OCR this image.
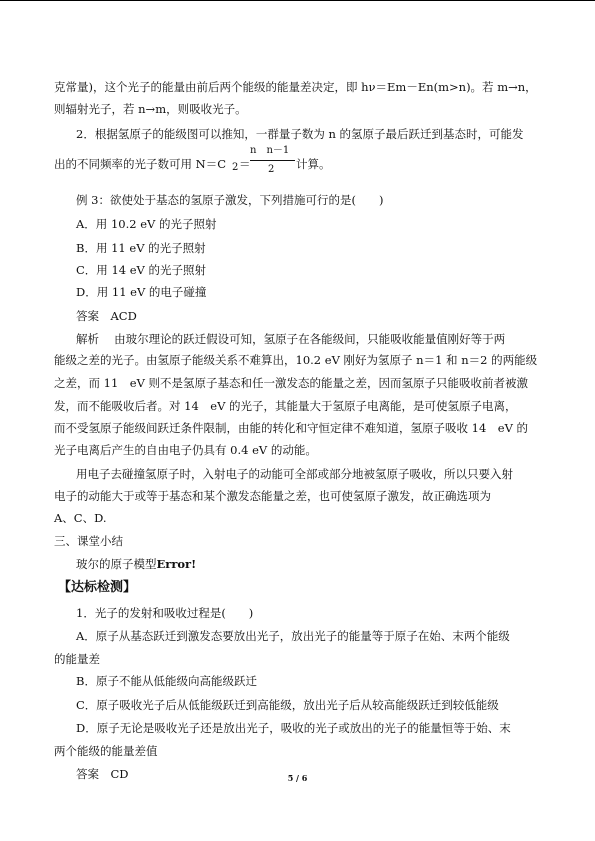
克常量)，这个光子的能量由前后两个能级的能量差决定，即 hν＝Em－En(m>n)。若 m→n，
则辐射光子，若 n→m，则吸收光子。
2．根据氢原子的能级图可以推知，一群量子数为 n 的氢原子最后跃迁到基态时，可能发
出的不同频率的光子数可用 N＝C	计算。
例 3：欲使处于基态的氢原子激发，下列措施可行的是(　　)
A．用 10.2 eV 的光子照射
B．用 11 eV 的光子照射
C．用 14 eV 的光子照射
D．用 11 eV 的电子碰撞
答案　ACD
解析　 由玻尔理论的跃迁假设可知，氢原子在各能级间，只能吸收能量值刚好等于两
能级之差的光子。由氢原子能级关系不难算出，10.2 eV 刚好为氢原子 n＝1 和 n＝2 的两能级
之差，而 11　eV 则不是氢原子基态和任一激发态的能量之差，因而氢原子只能吸收前者被激
发，而不能吸收后者。对 14　eV 的光子，其能量大于氢原子电离能，是可使氢原子电离，
而不受氢原子能级间跃迁条件限制，由能的转化和守恒定律不难知道，氢原子吸收 14　eV 的
光子电离后产生的自由电子仍具有 0.4 eV 的动能。
用电子去碰撞氢原子时，入射电子的动能可全部或部分地被氢原子吸收，所以只要入射
电子的动能大于或等于基态和某个激发态能量之差，也可使氢原子激发，故正确选项为
A、C、D.
三、课堂小结
玻尔的原子模型Error!
1．光子的发射和吸收过程是(　　)
A．原子从基态跃迁到激发态要放出光子，放出光子的能量等于原子在始、末两个能级
的能量差
B．原子不能从低能级向高能级跃迁
C．原子吸收光子后从低能级跃迁到高能级，放出光子后从较高能级跃迁到较低能级
D．原子无论是吸收光子还是放出光子，吸收的光子或放出的光子的能量恒等于始、末
两个能级的能量差值
答案　CD
2 ＝
n　n－1
2
【达标检测】
5 / 6
